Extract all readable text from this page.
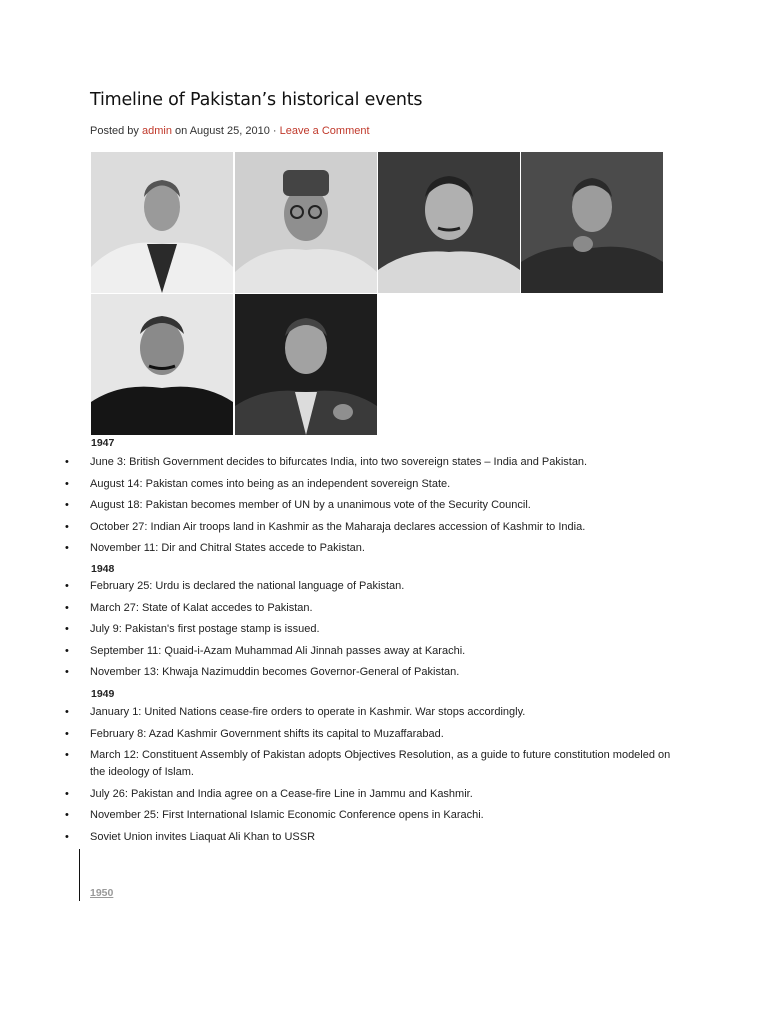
Timeline of Pakistan’s historical events
Posted by admin on August 25, 2010 · Leave a Comment
1947
• June 3: British Government decides to bifurcates India, into two sovereign states – India and Pakistan.
• August 14: Pakistan comes into being as an independent sovereign State.
• August 18: Pakistan becomes member of UN by a unanimous vote of the Security Council.
• October 27: Indian Air troops land in Kashmir as the Maharaja declares accession of Kashmir to India.
• November 11: Dir and Chitral States accede to Pakistan.
1948
• February 25: Urdu is declared the national language of Pakistan.
• March 27: State of Kalat accedes to Pakistan.
• July 9: Pakistan's first postage stamp is issued.
• September 11: Quaid-i-Azam Muhammad Ali Jinnah passes away at Karachi.
• November 13: Khwaja Nazimuddin becomes Governor-General of Pakistan.
1949
• January 1: United Nations cease-fire orders to operate in Kashmir. War stops accordingly.
• February 8: Azad Kashmir Government shifts its capital to Muzaffarabad.
• March 12: Constituent Assembly of Pakistan adopts Objectives Resolution, as a guide to future constitution modeled on the ideology of Islam.
• July 26: Pakistan and India agree on a Cease-fire Line in Jammu and Kashmir.
• November 25: First International Islamic Economic Conference opens in Karachi.
• Soviet Union invites Liaquat Ali Khan to USSR
1950
